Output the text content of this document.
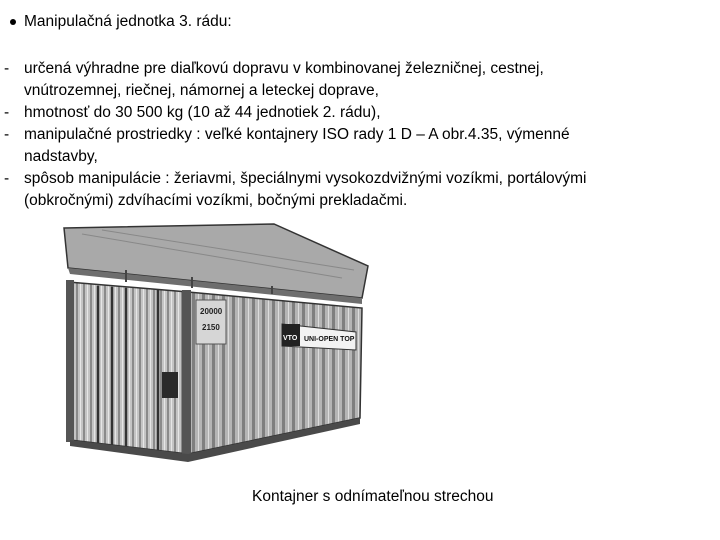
Manipulačná jednotka 3. rádu:
- určená výhradne pre diaľkovú dopravu v kombinovanej železničnej, cestnej,
vnútrozemnej, riečnej, námornej a leteckej doprave,
- hmotnosť do 30 500 kg (10 až 44 jednotiek 2. rádu),
- manipulačné prostriedky : veľké kontajnery ISO rady 1 D – A obr.4.35, výmenné
nadstavby,
- spôsob manipulácie : žeriavmi, špeciálnymi vysokozdvižnými vozíkmi, portálovými
(obkročnými) zdvíhacími vozíkmi, bočnými prekladačmi.
20000
2150
VTO UNI-OPEN TOP
Kontajner s odnímateľnou strechou
